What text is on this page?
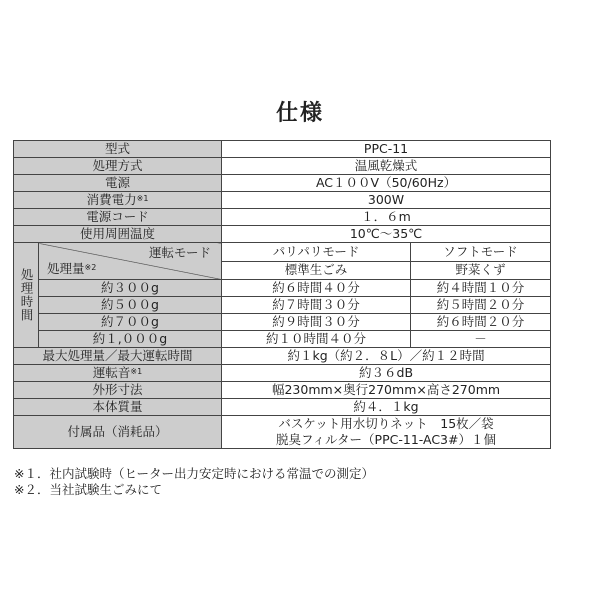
仕様
型式		PPC-11	
処理方式		温風乾燥式	
電源		AC１００V（50/60Hz）	
消費電力$^{※1}$		300W	
電源コード		１．６m	
使用周囲温度		10℃～35℃	
処理時間	運転モード
処理量$^{※2}$	パリパリモード	ソフトモード
		標準生ごみ	野菜くず
	約３００g	約６時間４０分	約４時間１０分
	約５００g	約７時間３０分	約５時間２０分
	約７００g	約９時間３０分	約６時間２０分
	約１,０００g	約１０時間４０分	－
最大処理量／最大運転時間		約１kg（約２．８L）／約１２時間	
運転音$^{※1}$		約３６dB	
外形寸法		幅230mm×奥行270mm×高さ270mm	
本体質量		約４．１kg	
付属品（消耗品）		バスケット用水切りネット　15枚／袋
脱臭フィルター（PPC-11-AC3#）１個	
※１．社内試験時（ヒーター出力安定時における常温での測定）
※２．当社試験生ごみにて
